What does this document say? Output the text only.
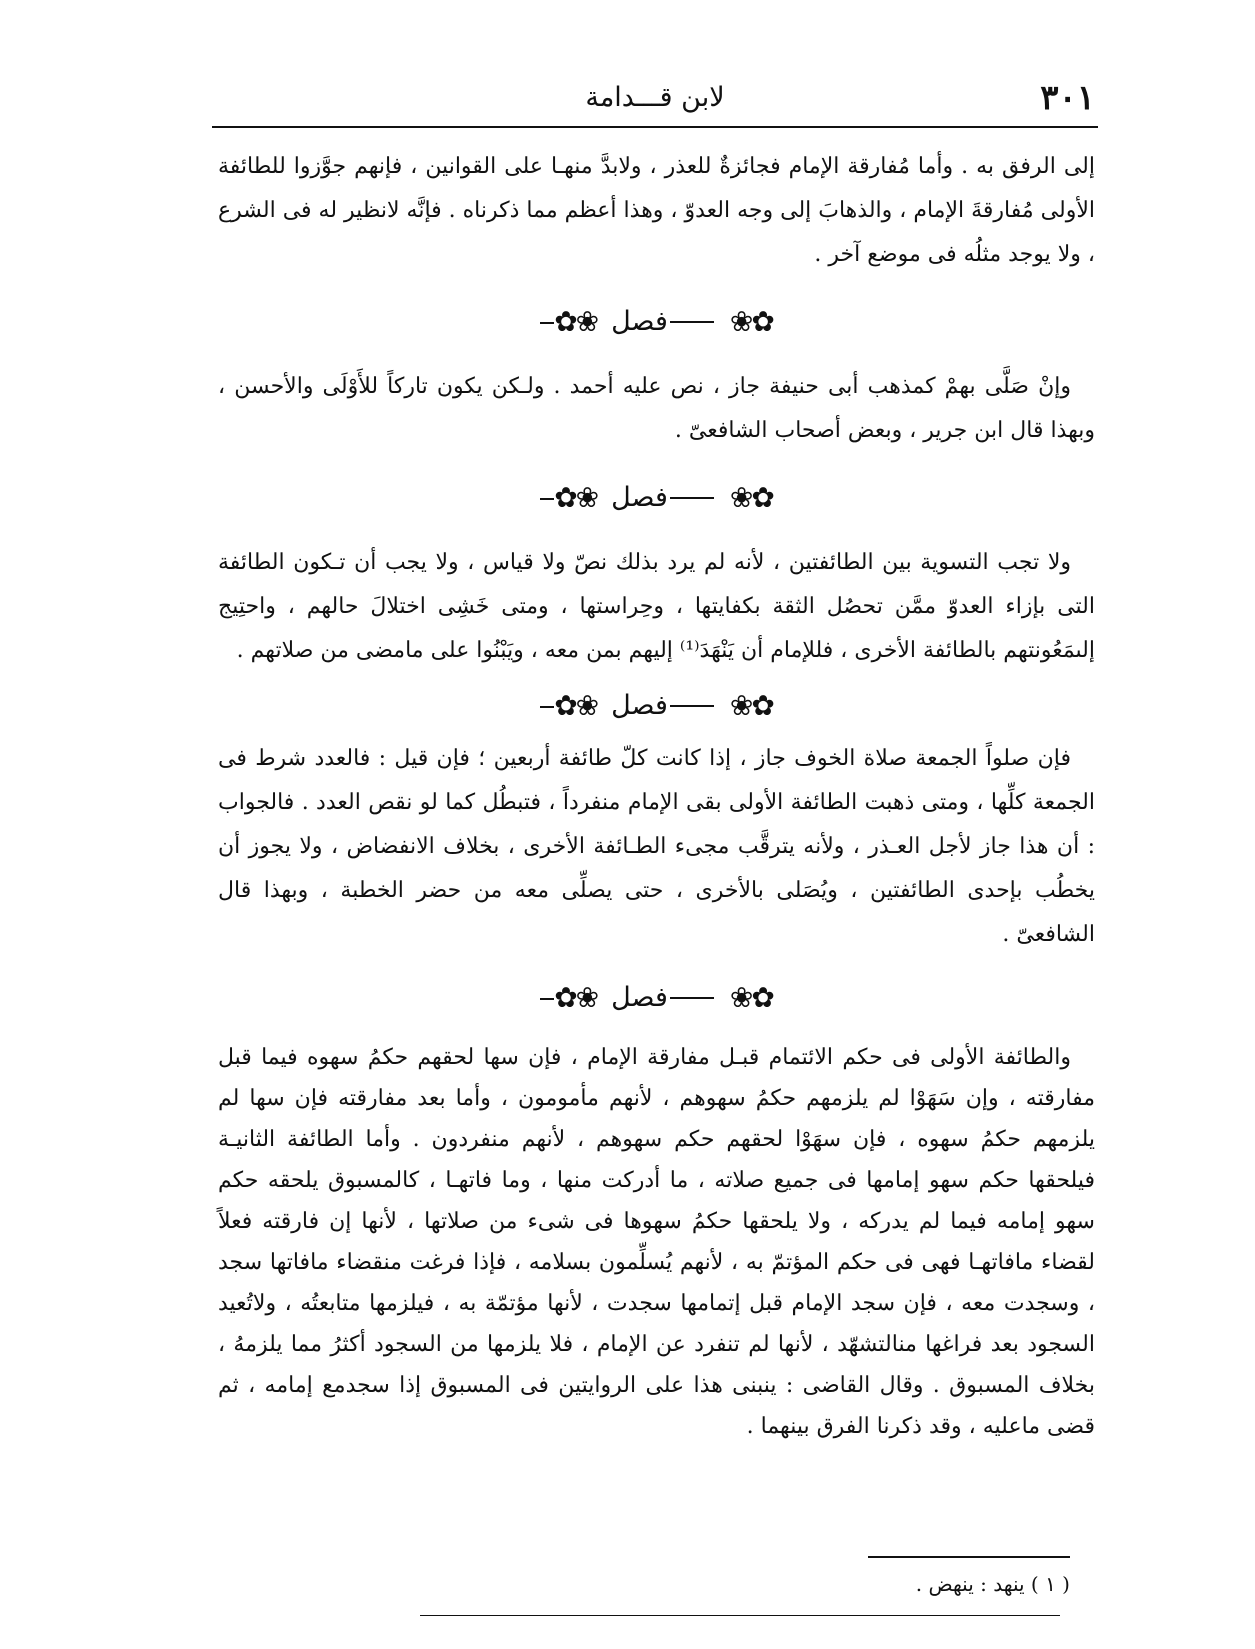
لابن قـــدامة	٣٠١

إلى الرفق به . وأما مُفارقة الإمام فجائزةٌ للعذر ، ولابدَّ منهـا على القوانين ، فإنهم جوَّزوا للطائفة الأولى مُفارقةَ الإمام ، والذهابَ إلى وجه العدوّ ، وهذا أعظم مما ذكرناه . فإنَّه لانظير له فى الشرع ، ولا يوجد مثلُه فى موضع آخر .

✿❀
فصل
❀✿

وإنْ صَلَّى بهمْ كمذهب أبى حنيفة جاز ، نص عليه أحمد . ولـكن يكون تاركاً للأَوْلَى والأحسن ، وبهذا قال ابن جرير ، وبعض أصحاب الشافعىّ .

✿❀
فصل
❀✿

ولا تجب التسوية بين الطائفتين ، لأنه لم يرد بذلك نصّ ولا قياس ، ولا يجب أن تـكون الطائفة التى بإزاء العدوّ ممَّن تحصُل الثقة بكفايتها ، وحِراستها ، ومتى خَشِى اختلالَ حالهم ، واحتِيج إلىمَعُونتهم بالطائفة الأخرى ، فللإمام أن يَنْهَدَ⁽¹⁾ إليهم بمن معه ، ويَبْنُوا على مامضى من صلاتهم .

✿❀
فصل
❀✿

فإن صلواً الجمعة صلاة الخوف جاز ، إذا كانت كلّ طائفة أربعين ؛ فإن قيل : فالعدد شرط فى الجمعة كلِّها ، ومتى ذهبت الطائفة الأولى بقى الإمام منفرداً ، فتبطُل كما لو نقص العدد . فالجواب : أن هذا جاز لأجل العـذر ، ولأنه يترقَّب مجىء الطـائفة الأخرى ، بخلاف الانفضاض ، ولا يجوز أن يخطُب بإحدى الطائفتين ، ويُصَلى بالأخرى ، حتى يصلِّى معه من حضر الخطبة ، وبهذا قال الشافعىّ .

✿❀
فصل
❀✿

والطائفة الأولى فى حكم الائتمام قبـل مفارقة الإمام ، فإن سها لحقهم حكمُ سهوه فيما قبل مفارقته ، وإن سَهَوْا لم يلزمهم حكمُ سهوهم ، لأنهم مأمومون ، وأما بعد مفارقته فإن سها لم يلزمهم حكمُ سهوه ، فإن سهَوْا لحقهم حكم سهوهم ، لأنهم منفردون . وأما الطائفة الثانيـة فيلحقها حكم سهو إمامها فى جميع صلاته ، ما أدركت منها ، وما فاتهـا ، كالمسبوق يلحقه حكم سهو إمامه فيما لم يدركه ، ولا يلحقها حكمُ سهوها فى شىء من صلاتها ، لأنها إن فارقته فعلاً لقضاء مافاتهـا فهى فى حكم المؤتمّ به ، لأنهم يُسلِّمون بسلامه ، فإذا فرغت منقضاء مافاتها سجد ، وسجدت معه ، فإن سجد الإمام قبل إتمامها سجدت ، لأنها مؤتمّة به ، فيلزمها متابعتُه ، ولاتُعيد السجود بعد فراغها منالتشهّد ، لأنها لم تنفرد عن الإمام ، فلا يلزمها من السجود أكثرُ مما يلزمهُ ، بخلاف المسبوق . وقال القاضى : ينبنى هذا على الروايتين فى المسبوق إذا سجدمع إمامه ، ثم قضى ماعليه ، وقد ذكرنا الفرق بينهما .

( ١ ) ينهد : ينهض .
